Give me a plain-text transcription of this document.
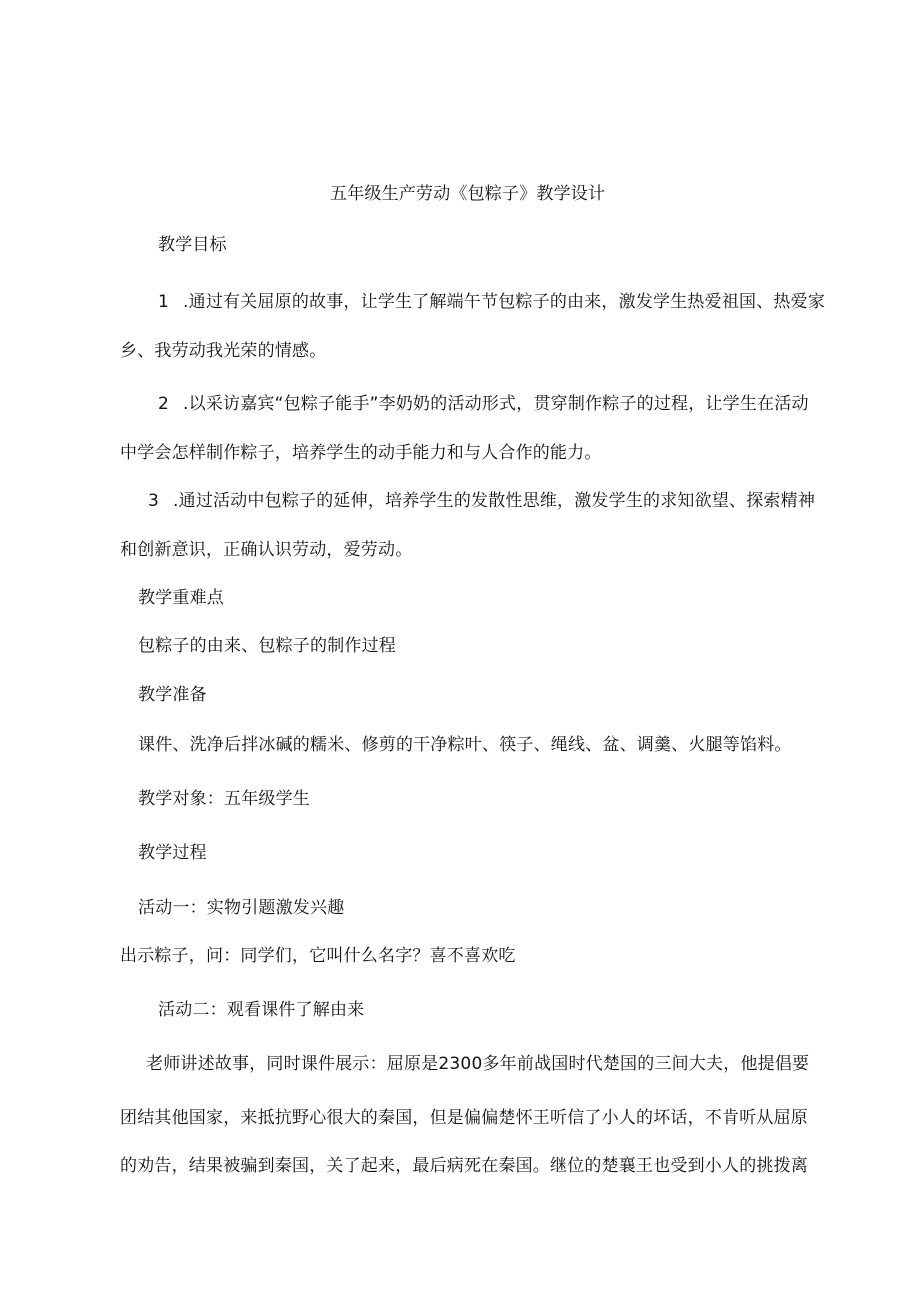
五年级生产劳动《包粽子》教学设计
教学目标
1 .通过有关屈原的故事，让学生了解端午节包粽子的由来，激发学生热爱祖国、热爱家
乡、我劳动我光荣的情感。
2 .以采访嘉宾“包粽子能手”李奶奶的活动形式，贯穿制作粽子的过程，让学生在活动
中学会怎样制作粽子，培养学生的动手能力和与人合作的能力。
3 .通过活动中包粽子的延伸，培养学生的发散性思维，激发学生的求知欲望、探索精神
和创新意识，正确认识劳动，爱劳动。
教学重难点
包粽子的由来、包粽子的制作过程
教学准备
课件、洗净后拌冰碱的糯米、修剪的干净粽叶、筷子、绳线、盆、调羹、火腿等馅料。
教学对象：五年级学生
教学过程
活动一：实物引题激发兴趣
出示粽子，问：同学们，它叫什么名字？喜不喜欢吃
活动二：观看课件了解由来
老师讲述故事，同时课件展示：屈原是2300多年前战国时代楚国的三间大夫，他提倡要
团结其他国家，来抵抗野心很大的秦国，但是偏偏楚怀王听信了小人的坏话，不肯听从屈原
的劝告，结果被骗到秦国，关了起来，最后病死在秦国。继位的楚襄王也受到小人的挑拨离
